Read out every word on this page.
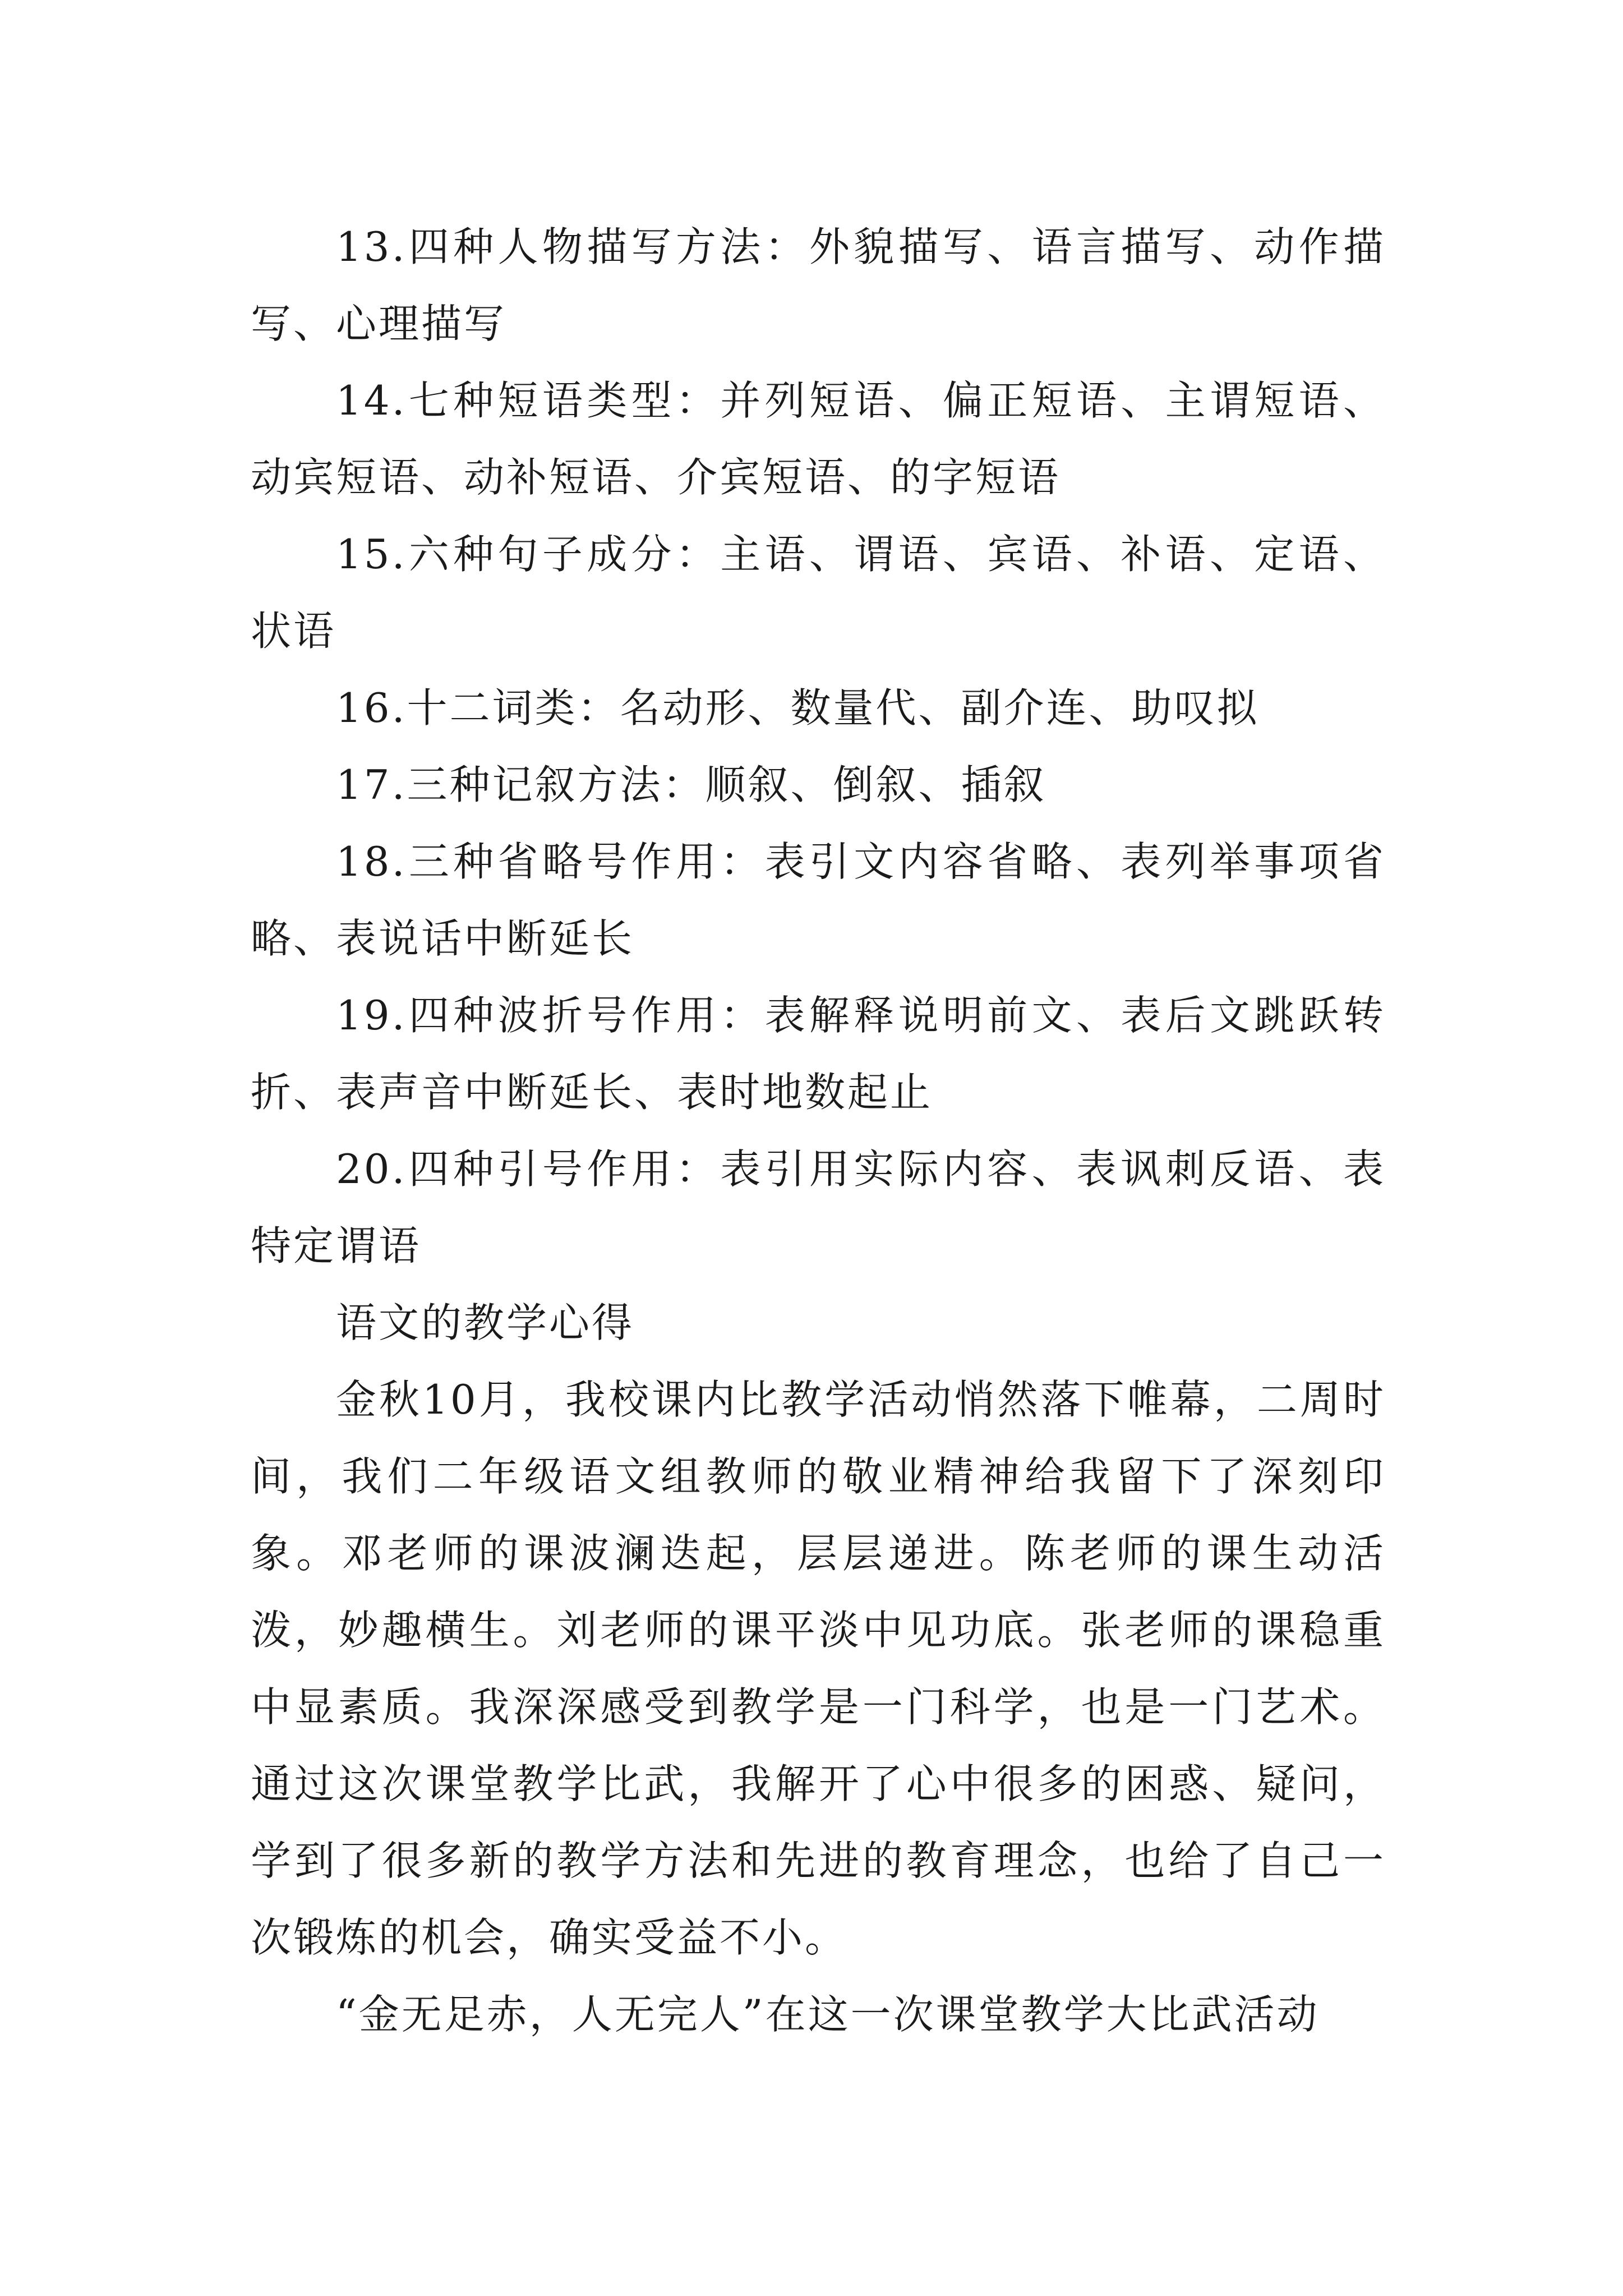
13.四种人物描写方法：外貌描写、语言描写、动作描写、心理描写

14.七种短语类型：并列短语、偏正短语、主谓短语、动宾短语、动补短语、介宾短语、的字短语

15.六种句子成分：主语、谓语、宾语、补语、定语、状语

16.十二词类：名动形、数量代、副介连、助叹拟

17.三种记叙方法：顺叙、倒叙、插叙

18.三种省略号作用：表引文内容省略、表列举事项省略、表说话中断延长

19.四种波折号作用：表解释说明前文、表后文跳跃转折、表声音中断延长、表时地数起止

20.四种引号作用：表引用实际内容、表讽刺反语、表特定谓语

语文的教学心得

金秋10月，我校课内比教学活动悄然落下帷幕，二周时间，我们二年级语文组教师的敬业精神给我留下了深刻印象。邓老师的课波澜迭起，层层递进。陈老师的课生动活泼，妙趣横生。刘老师的课平淡中见功底。张老师的课稳重中显素质。我深深感受到教学是一门科学，也是一门艺术。通过这次课堂教学比武，我解开了心中很多的困惑、疑问，学到了很多新的教学方法和先进的教育理念，也给了自己一次锻炼的机会，确实受益不小。

“金无足赤，人无完人”在这一次课堂教学大比武活动
